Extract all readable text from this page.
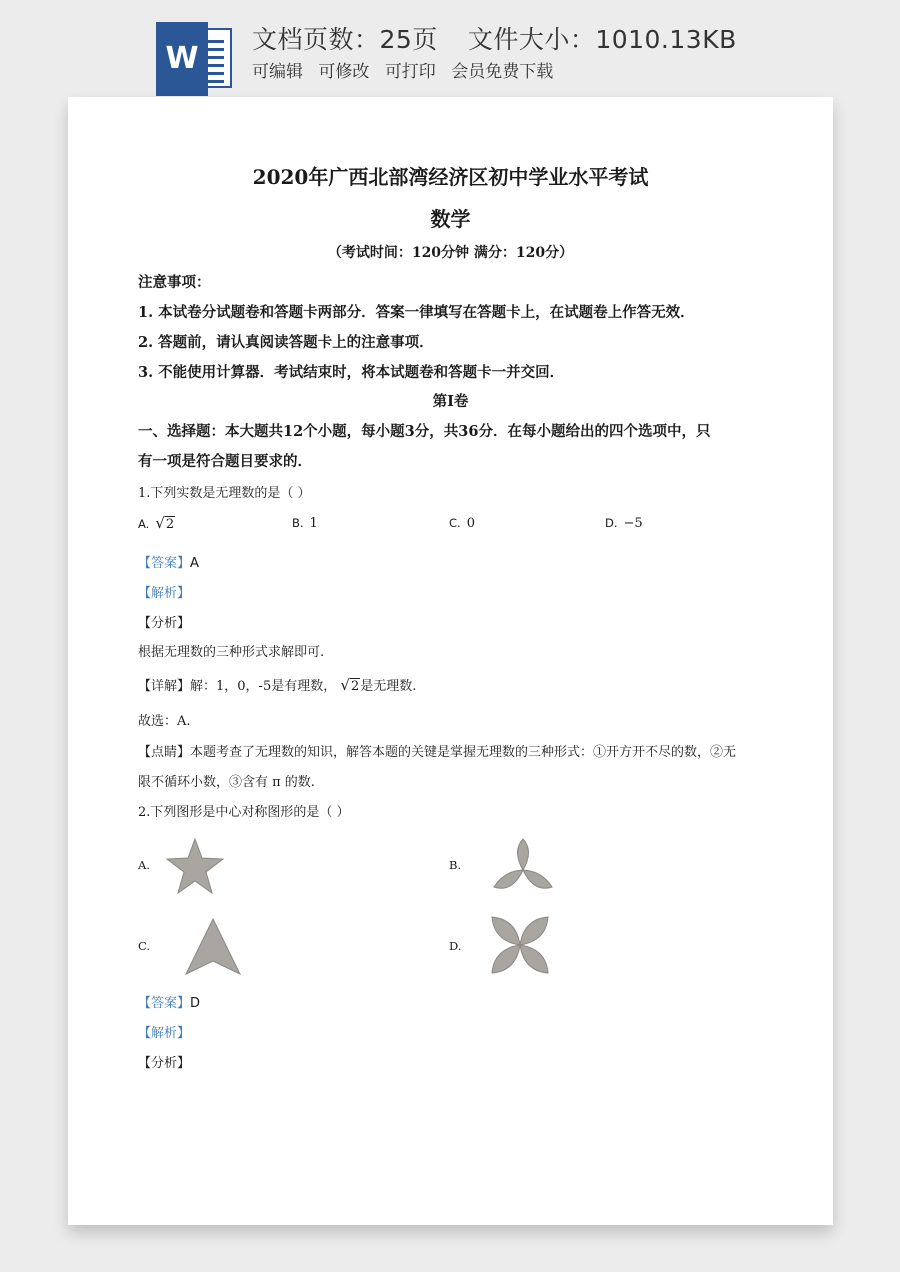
W
文档页数：25页 文件大小：1010.13KB
可编辑 可修改 可打印 会员免费下载
2020年广西北部湾经济区初中学业水平考试
数学
（考试时间：120分钟 满分：120分）
注意事项：
1. 本试卷分试题卷和答题卡两部分．答案一律填写在答题卡上，在试题卷上作答无效．
2. 答题前，请认真阅读答题卡上的注意事项．
3. 不能使用计算器．考试结束时，将本试题卷和答题卡一并交回．
第Ⅰ卷
一、选择题：本大题共12个小题，每小题3分，共36分．在每小题给出的四个选项中，只
有一项是符合题目要求的．
1.下列实数是无理数的是（ ）
A. √2	B. 1	C. 0	D. −5
【答案】A
【解析】
【分析】
根据无理数的三种形式求解即可.
【详解】解：1，0，-5是有理数， √2是无理数.
故选：A.
【点睛】本题考查了无理数的知识，解答本题的关键是掌握无理数的三种形式：①开方开不尽的数，②无
限不循环小数，③含有 π 的数.
2.下列图形是中心对称图形的是（ ）
A.	B.
C.	D.
【答案】D
【解析】
【分析】
